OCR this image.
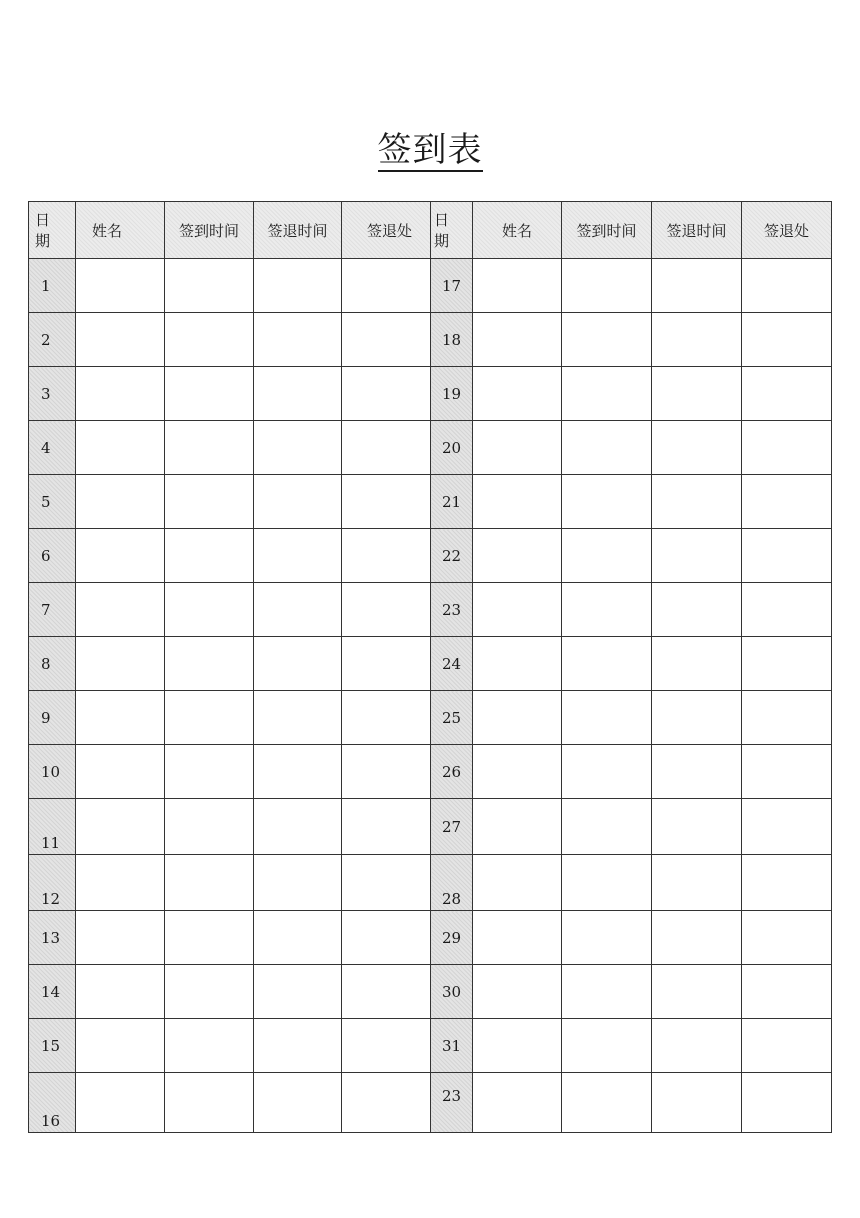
签到表
日期	姓名	签到时间	签退时间	签退处	日期	姓名	签到时间	签退时间	签退处
1					17				
2					18				
3					19				
4					20				
5					21				
6					22				
7					23				
8					24				
9					25				
10					26				
11					27				
12					28				
13					29				
14					30				
15					31				
16					23				
